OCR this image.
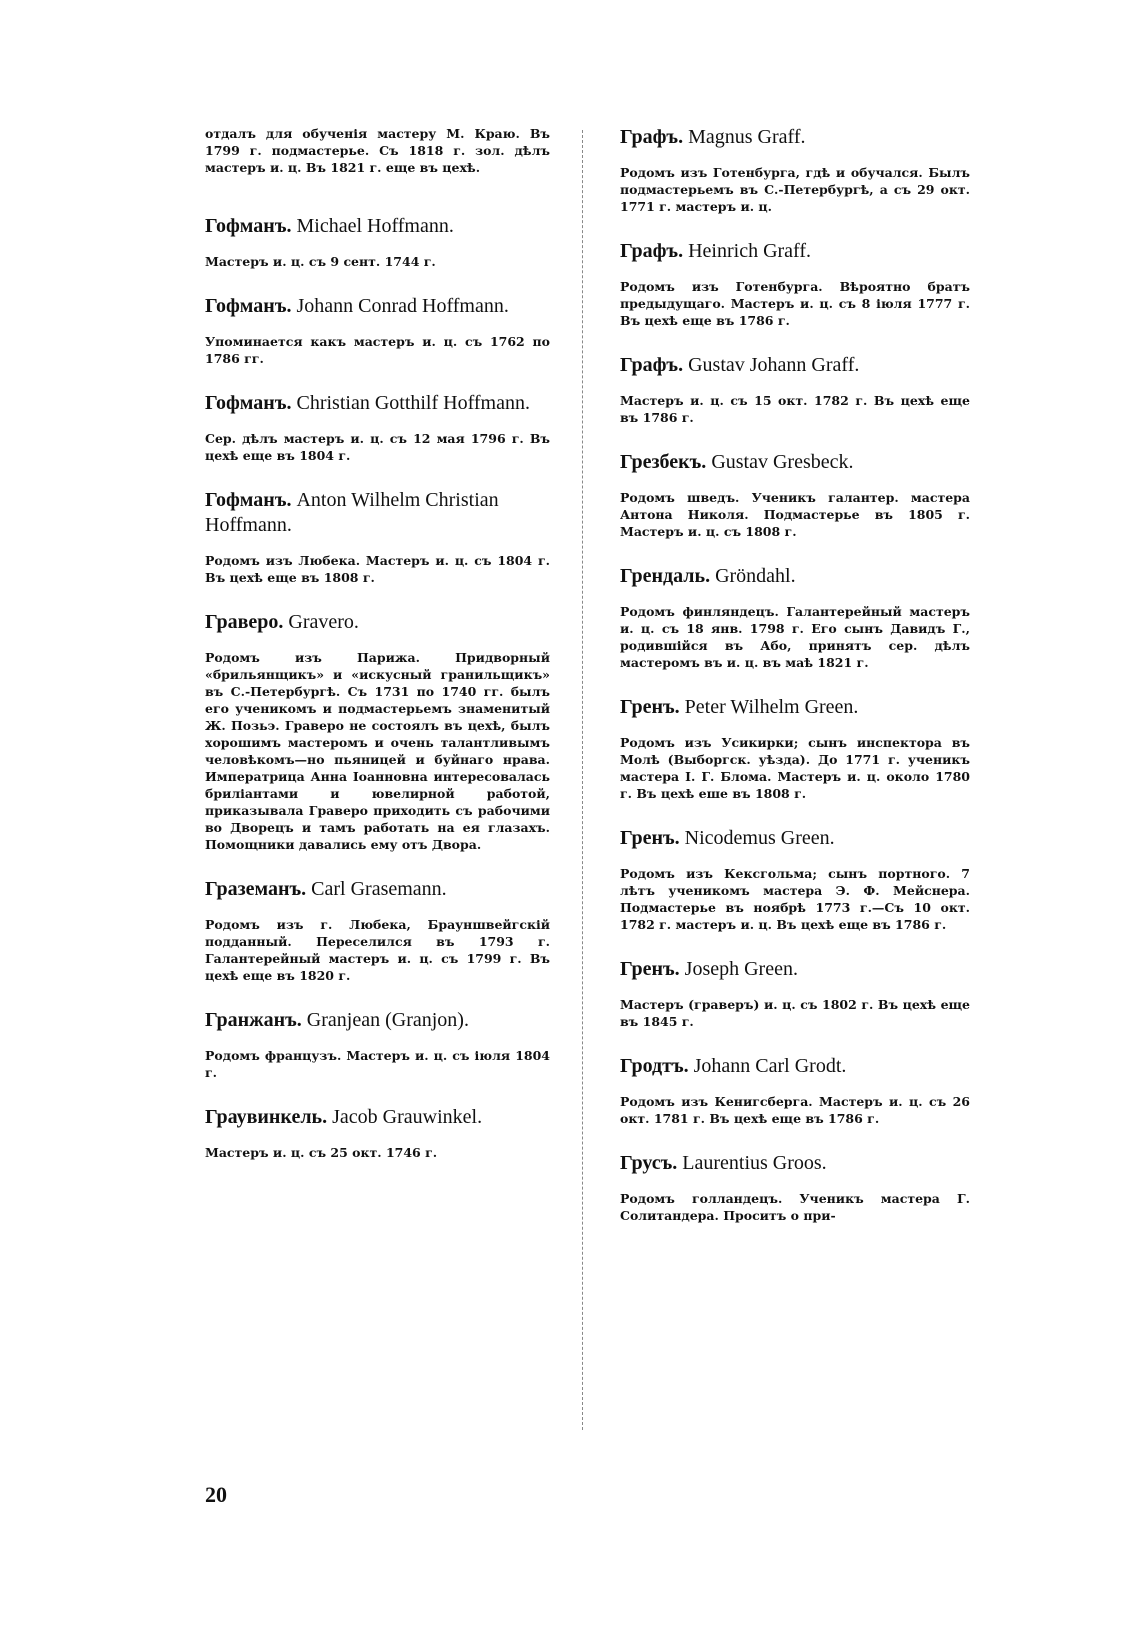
отдалъ для обученія мастеру М. Краю. Въ 1799 г. подмастерье. Съ 1818 г. зол. дѣлъ мастеръ и. ц. Въ 1821 г. еще въ цехѣ.

Гофманъ. Michael Hoffmann.

Мастеръ и. ц. съ 9 сент. 1744 г.

Гофманъ. Johann Conrad Hoffmann.

Упоминается какъ мастеръ и. ц. съ 1762 по 1786 гг.

Гофманъ. Christian Gotthilf Hoffmann.

Сер. дѣлъ мастеръ и. ц. съ 12 мая 1796 г. Въ цехѣ еще въ 1804 г.

Гофманъ. Anton Wilhelm Christian Hoffmann.

Родомъ изъ Любека. Мастеръ и. ц. съ 1804 г. Въ цехѣ еще въ 1808 г.

Граверо. Gravero.

Родомъ изъ Парижа. Придворный «брильянщикъ» и «искусный гранильщикъ» въ С.-Петербургѣ. Съ 1731 по 1740 гг. былъ его ученикомъ и подмастерьемъ знаменитый Ж. Позьэ. Граверо не состоялъ въ цехѣ, былъ хорошимъ мастеромъ и очень талантливымъ человѣкомъ—но пьяницей и буйнаго нрава. Императрица Анна Іоанновна интересовалась бриліантами и ювелирной работой, приказывала Граверо приходить съ рабочими во Дворецъ и тамъ работать на ея глазахъ. Помощники давались ему отъ Двора.

Граземанъ. Carl Grasemann.

Родомъ изъ г. Любека, Брауншвейгскій подданный. Переселился въ 1793 г. Галантерейный мастеръ и. ц. съ 1799 г. Въ цехѣ еще въ 1820 г.

Гранжанъ. Granjean (Granjon).

Родомъ французъ. Мастеръ и. ц. съ іюля 1804 г.

Граувинкель. Jacob Grauwinkel.

Мастеръ и. ц. съ 25 окт. 1746 г.

Графъ. Magnus Graff.

Родомъ изъ Готенбурга, гдѣ и обучался. Былъ подмастерьемъ въ С.-Петербургѣ, а съ 29 окт. 1771 г. мастеръ и. ц.

Графъ. Heinrich Graff.

Родомъ изъ Готенбурга. Вѣроятно братъ предыдущаго. Мастеръ и. ц. съ 8 іюля 1777 г. Въ цехѣ еще въ 1786 г.

Графъ. Gustav Johann Graff.

Мастеръ и. ц. съ 15 окт. 1782 г. Въ цехѣ еще въ 1786 г.

Грезбекъ. Gustav Gresbeck.

Родомъ шведъ. Ученикъ галантер. мастера Антона Николя. Подмастерье въ 1805 г. Мастеръ и. ц. съ 1808 г.

Грендаль. Gröndahl.

Родомъ финляндецъ. Галантерейный мастеръ и. ц. съ 18 янв. 1798 г. Его сынъ Давидъ Г., родившійся въ Або, принятъ сер. дѣлъ мастеромъ въ и. ц. въ маѣ 1821 г.

Гренъ. Peter Wilhelm Green.

Родомъ изъ Усикирки; сынъ инспектора въ Молѣ (Выборгск. уѣзда). До 1771 г. ученикъ мастера І. Г. Блома. Мастеръ и. ц. около 1780 г. Въ цехѣ еше въ 1808 г.

Гренъ. Nicodemus Green.

Родомъ изъ Кексгольма; сынъ портного. 7 лѣтъ ученикомъ мастера Э. Ф. Мейснера. Подмастерье въ ноябрѣ 1773 г.—Съ 10 окт. 1782 г. мастеръ и. ц. Въ цехѣ еще въ 1786 г.

Гренъ. Joseph Green.

Мастеръ (граверъ) и. ц. съ 1802 г. Въ цехѣ еще въ 1845 г.

Гродтъ. Johann Carl Grodt.

Родомъ изъ Кенигсберга. Мастеръ и. ц. съ 26 окт. 1781 г. Въ цехѣ еще въ 1786 г.

Грусъ. Laurentius Groos.

Родомъ голландецъ. Ученикъ мастера Г. Солитандера. Проситъ о при-

20
